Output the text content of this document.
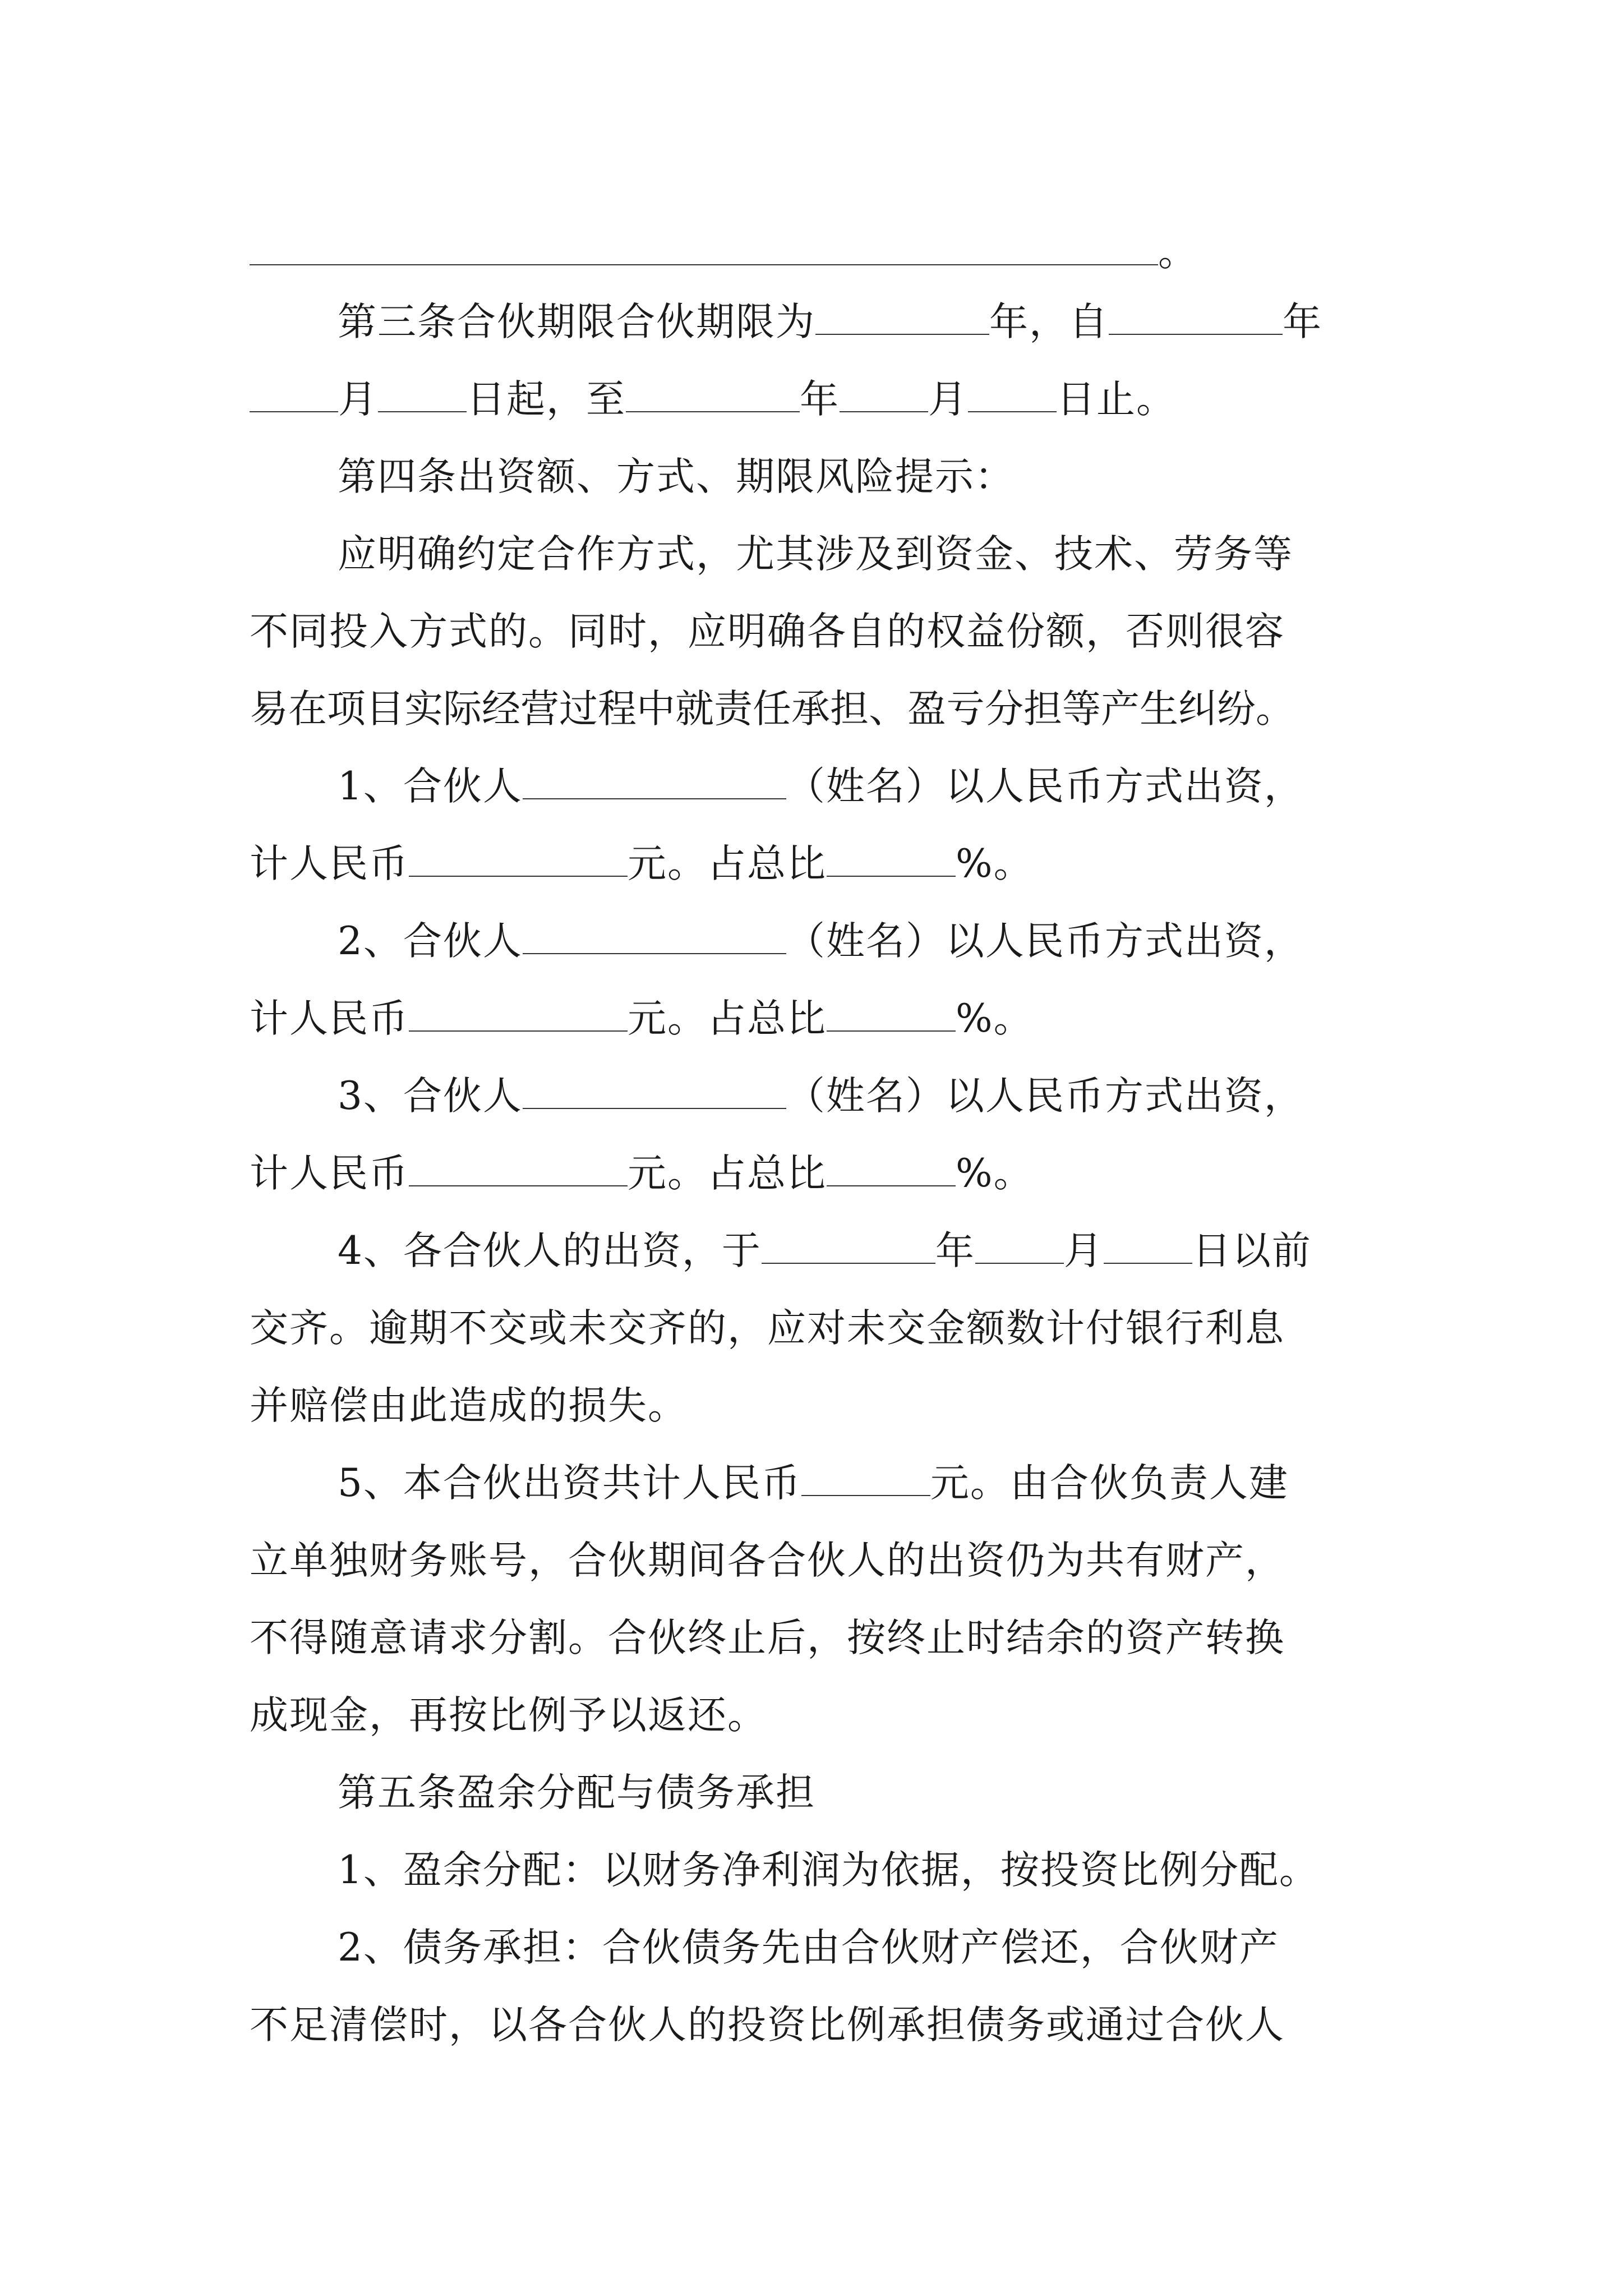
。
第三条合伙期限合伙期限为	年，自	年
月 日起，至	年 月 日止。
第四条出资额、方式、期限风险提示：
应明确约定合作方式，尤其涉及到资金、技术、劳务等
不同投入方式的。同时，应明确各自的权益份额，否则很容
易在项目实际经营过程中就责任承担、盈亏分担等产生纠纷。
1、合伙人	（姓名）以人民币方式出资，
计人民币	元。占总比	%。
2、合伙人	（姓名）以人民币方式出资，
计人民币	元。占总比	%。
3、合伙人	（姓名）以人民币方式出资，
计人民币	元。占总比	%。
4、各合伙人的出资，于	年 月 日以前
交齐。逾期不交或未交齐的，应对未交金额数计付银行利息
并赔偿由此造成的损失。
5、本合伙出资共计人民币	元。由合伙负责人建
立单独财务账号，合伙期间各合伙人的出资仍为共有财产，
不得随意请求分割。合伙终止后，按终止时结余的资产转换
成现金，再按比例予以返还。
第五条盈余分配与债务承担
1、盈余分配：以财务净利润为依据，按投资比例分配。
2、债务承担：合伙债务先由合伙财产偿还，合伙财产
不足清偿时，以各合伙人的投资比例承担债务或通过合伙人
